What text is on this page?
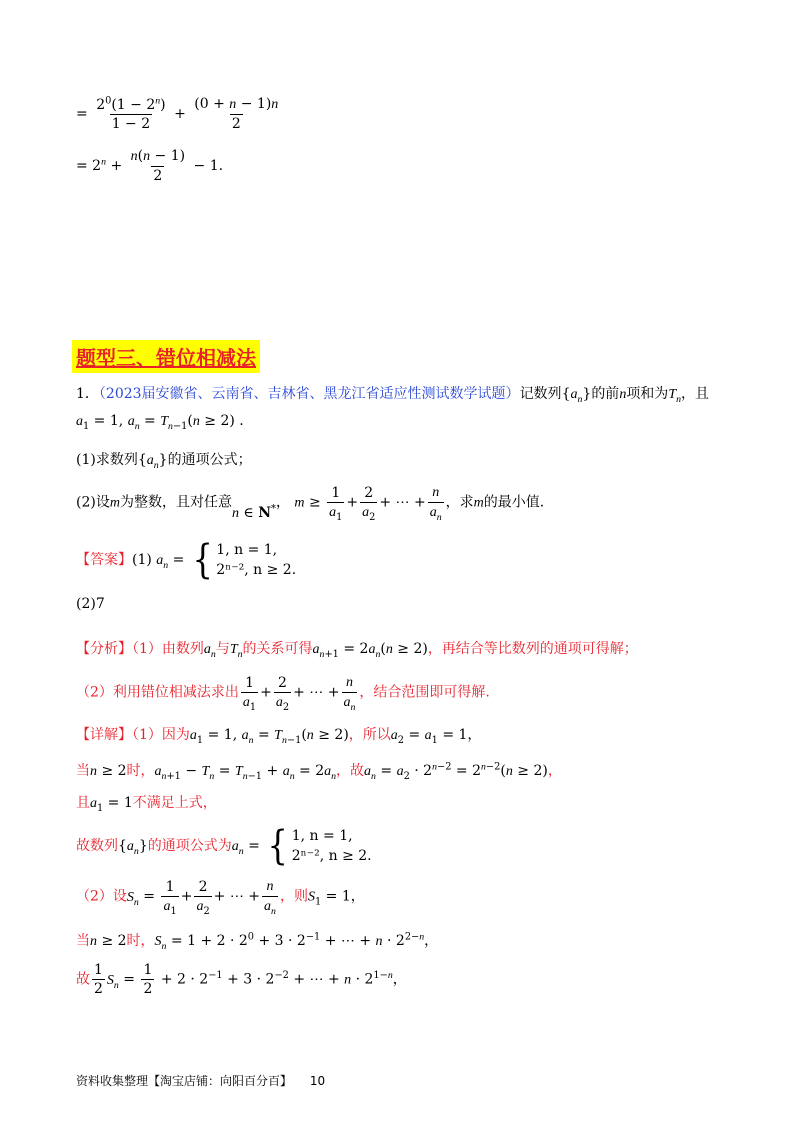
= $\frac{2^0(1 - 2^n)}{1 - 2} + \frac{(0 + n - 1)n}{2}$
= $2^n + \frac{n(n - 1)}{2} - 1$.
题型三、错位相减法
1．（2023届安徽省、云南省、吉林省、黑龙江省适应性测试数学试题）记数列$\{a_n\}$的前n项和为$T_n$，且
$a_1 = 1$, $a_n = T_{n-1}(n \ge 2)$ .
(1)求数列$\{a_n\}$的通项公式；
(2)设m为整数，且对任意n ∈ N*， $m \ge \frac{1}{a_1} + \frac{2}{a_2}$ + ⋯ + $\frac{n}{a_n}$ ，求m的最小值.
【答案】(1) $a_n$ = { 1, n = 1,
2ⁿ⁻², n ≥ 2.
(2)7
【分析】（1）由数列$a_n$与$T_n$的关系可得$a_{n+1} = 2a_n(n \ge 2)$，再结合等比数列的通项可得解；
（2）利用错位相减法求出 $\frac{1}{a_1} + \frac{2}{a_2}$ + ⋯ + $\frac{n}{a_n}$ ，结合范围即可得解.
【详解】（1）因为$a_1 = 1$, $a_n = T_{n-1}(n \ge 2)$，所以$a_2 = a_1 = 1$，
当n ≥ 2时，$a_{n+1} - T_n = T_{n-1} + a_n = 2a_n$，故$a_n = a_2 \cdot 2^{n-2} = 2^{n-2}(n \ge 2)$，
且$a_1 = 1$不满足上式，
故数列$\{a_n\}$的通项公式为$a_n$ = { 1, n = 1,
2ⁿ⁻², n ≥ 2.
（2）设$S_n = \frac{1}{a_1} + \frac{2}{a_2}$ + ⋯ + $\frac{n}{a_n}$ ，则$S_1 = 1$，
当n ≥ 2时，$S_n = 1 + 2 \cdot 2^0 + 3 \cdot 2^{-1}$ + ⋯ + $n \cdot 2^{2-n}$，
故 $\frac{1}{2} S_n = \frac{1}{2} + 2 \cdot 2^{-1} + 3 \cdot 2^{-2}$ + ⋯ + $n \cdot 2^{1-n}$，
资料收集整理【淘宝店铺：向阳百分百】 10
